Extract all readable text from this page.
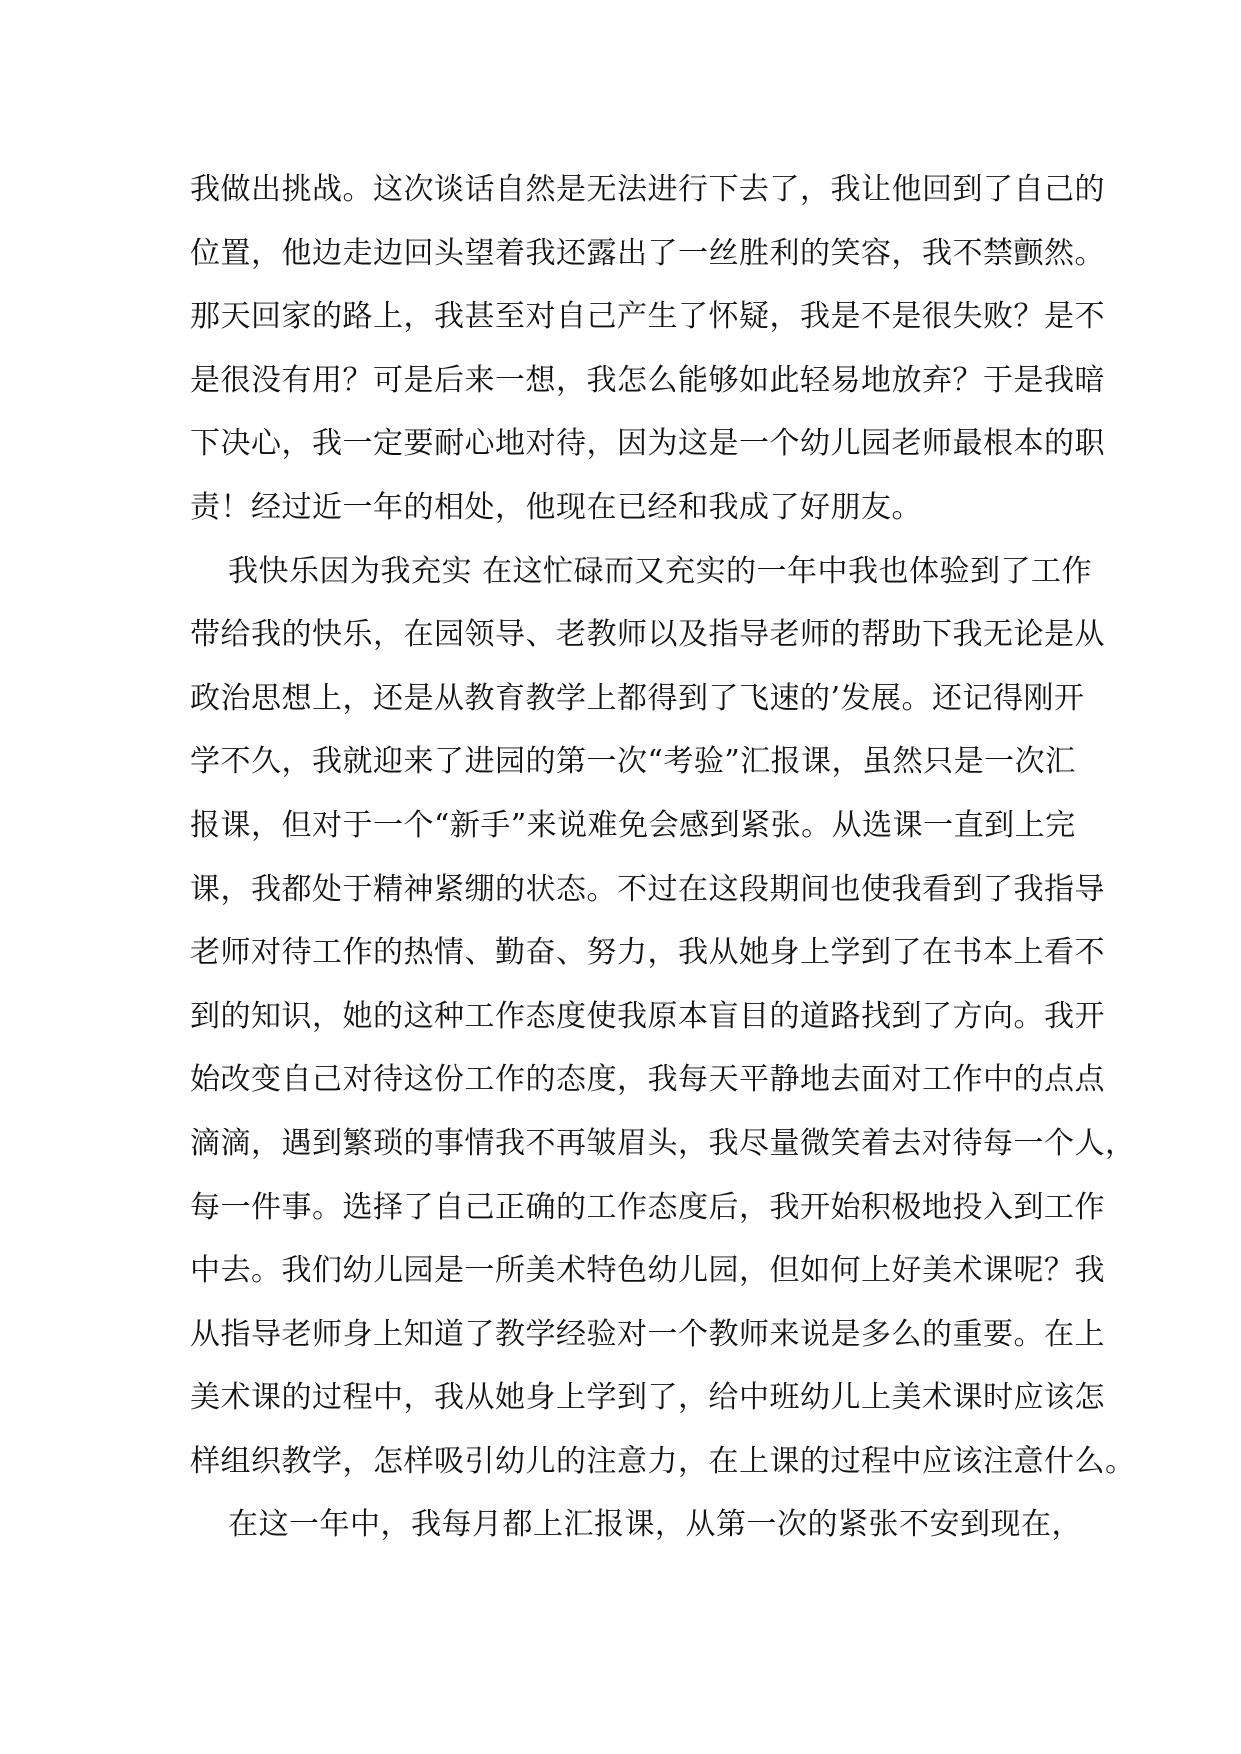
我做出挑战。这次谈话自然是无法进行下去了，我让他回到了自己的
位置，他边走边回头望着我还露出了一丝胜利的笑容，我不禁颤然。
那天回家的路上，我甚至对自己产生了怀疑，我是不是很失败？是不
是很没有用？可是后来一想，我怎么能够如此轻易地放弃？于是我暗
下决心，我一定要耐心地对待，因为这是一个幼儿园老师最根本的职
责！经过近一年的相处，他现在已经和我成了好朋友。
我快乐因为我充实 在这忙碌而又充实的一年中我也体验到了工作
带给我的快乐，在园领导、老教师以及指导老师的帮助下我无论是从
政治思想上，还是从教育教学上都得到了飞速的’发展。还记得刚开
学不久，我就迎来了进园的第一次“考验”汇报课，虽然只是一次汇
报课，但对于一个“新手”来说难免会感到紧张。从选课一直到上完
课，我都处于精神紧绷的状态。不过在这段期间也使我看到了我指导
老师对待工作的热情、勤奋、努力，我从她身上学到了在书本上看不
到的知识，她的这种工作态度使我原本盲目的道路找到了方向。我开
始改变自己对待这份工作的态度，我每天平静地去面对工作中的点点
滴滴，遇到繁琐的事情我不再皱眉头，我尽量微笑着去对待每一个人，
每一件事。选择了自己正确的工作态度后，我开始积极地投入到工作
中去。我们幼儿园是一所美术特色幼儿园，但如何上好美术课呢？我
从指导老师身上知道了教学经验对一个教师来说是多么的重要。在上
美术课的过程中，我从她身上学到了，给中班幼儿上美术课时应该怎
样组织教学，怎样吸引幼儿的注意力，在上课的过程中应该注意什么。
在这一年中，我每月都上汇报课，从第一次的紧张不安到现在，
